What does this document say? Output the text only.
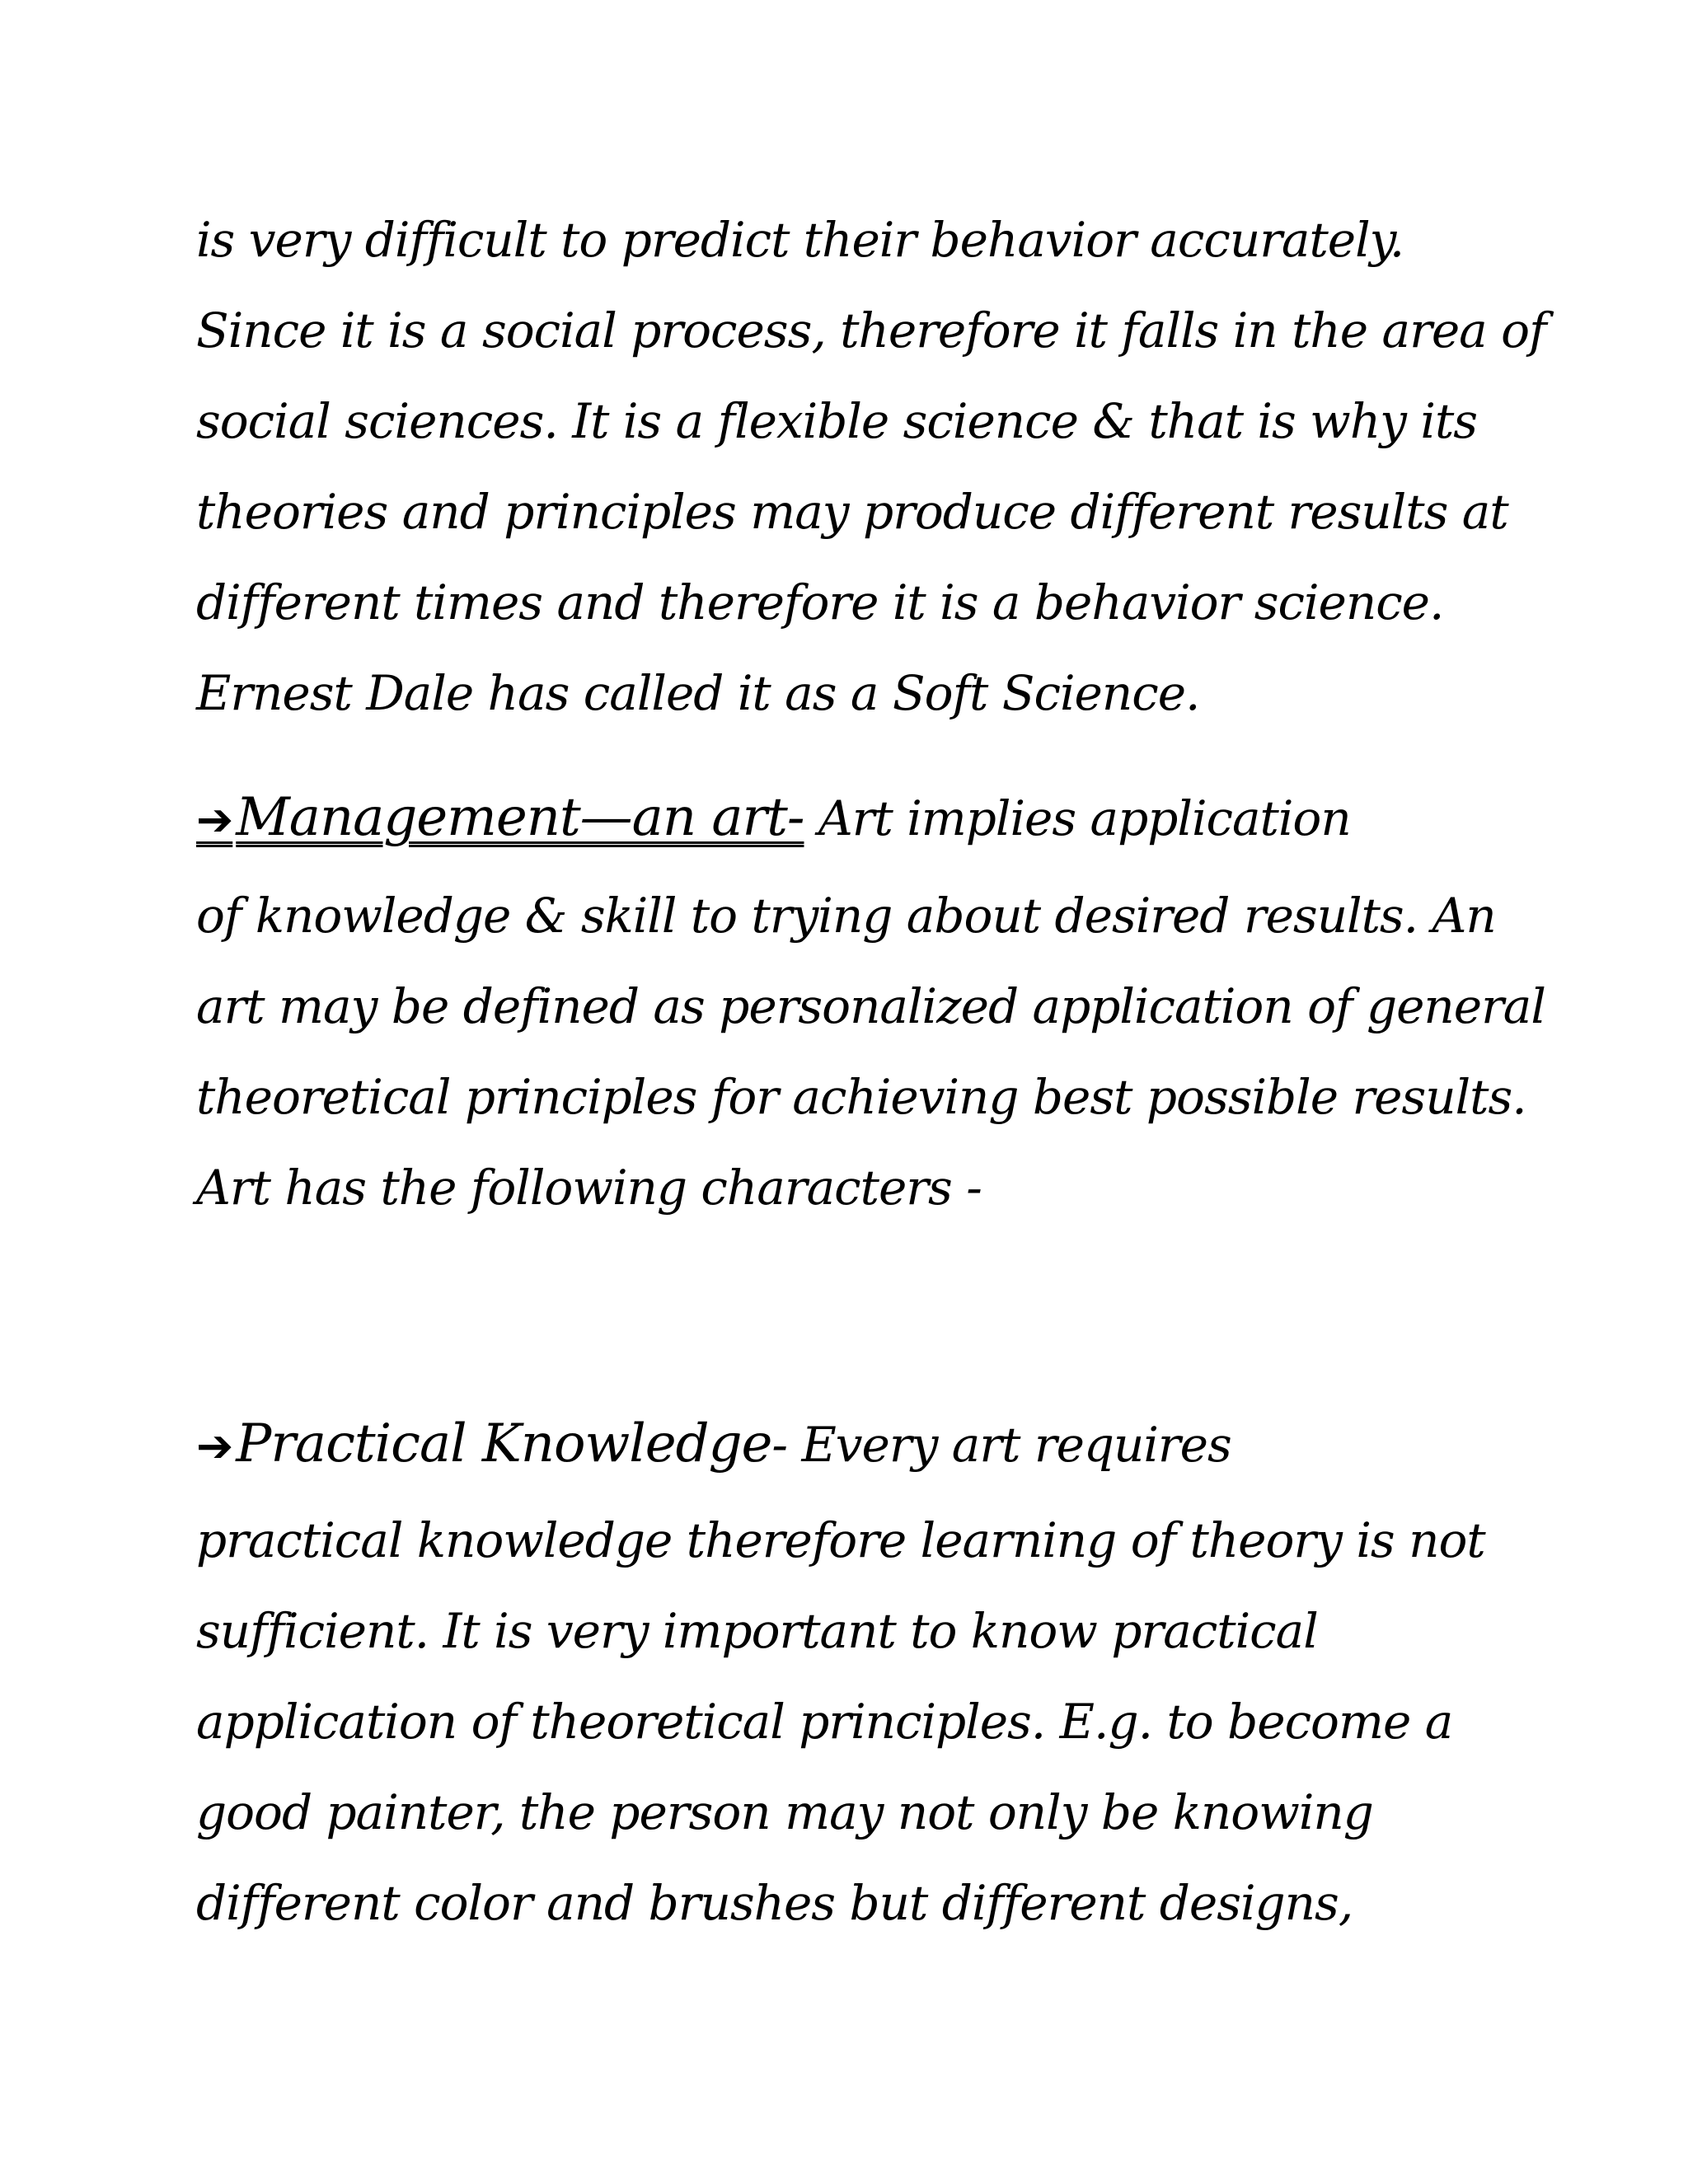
is very difficult to predict their behavior accurately.
Since it is a social process, therefore it falls in the area of
social sciences. It is a flexible science & that is why its
theories and principles may produce different results at
different times and therefore it is a behavior science.
Ernest Dale has called it as a Soft Science.
➔Management—an art- Art implies application
of knowledge & skill to trying about desired results. An
art may be defined as personalized application of general
theoretical principles for achieving best possible results.
Art has the following characters -
➔Practical Knowledge- Every art requires
practical knowledge therefore learning of theory is not
sufficient. It is very important to know practical
application of theoretical principles. E.g. to become a
good painter, the person may not only be knowing
different color and brushes but different designs,
